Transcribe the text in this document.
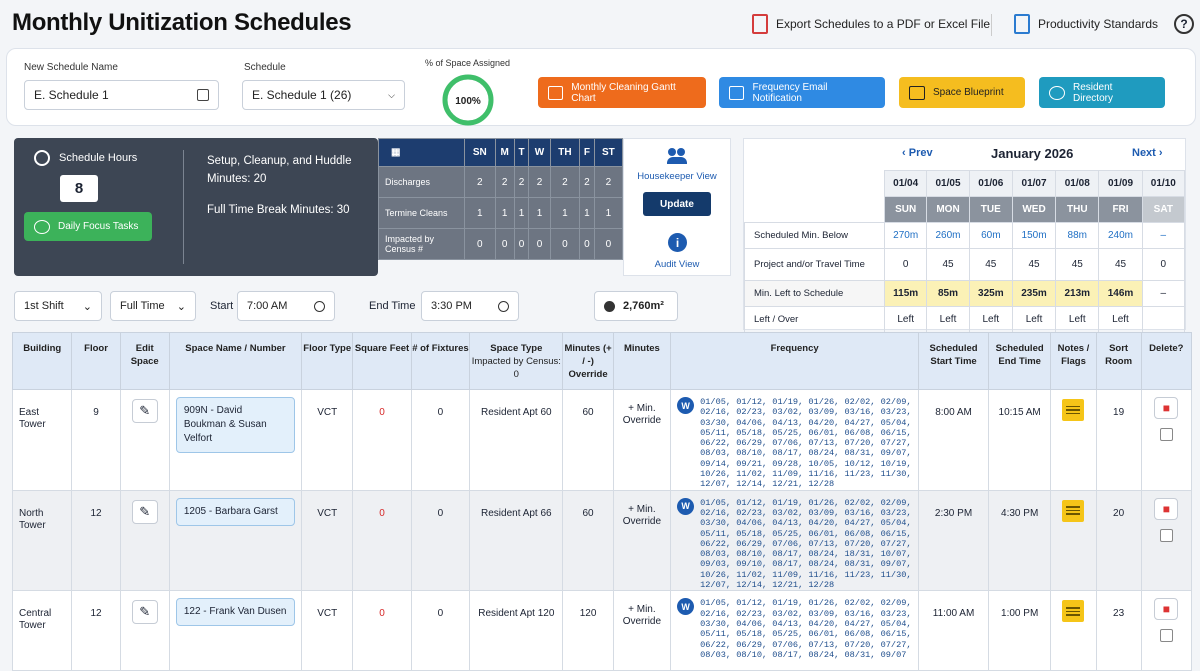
Monthly Unitization Schedules	Export Schedules to a PDF or Excel File	Productivity Standards	?
New Schedule Name
E. Schedule 1
Schedule
E. Schedule 1 (26)	⌵
% of Space Assigned
100%
Monthly Cleaning Gantt Chart
Frequency Email Notification	Space Blueprint	Resident Directory
Schedule Hours
8
Daily Focus Tasks
Setup, Cleanup, and Huddle Minutes: 20
Full Time Break Minutes: 30
▦	SN	M	T	W	TH	F	ST
Discharges	2	2	2	2	2	2	2
Termine Cleans	1	1	1	1	1	1	1
Impacted by Census #	0	0	0	0	0	0	0
Housekeeper View
Update
i
Audit View
‹ Prev	January 2026	Next ›
	01/04	01/05	01/06	01/07	01/08	01/09	01/10
	SUN	MON	TUE	WED	THU	FRI	SAT
Scheduled Min. Below	270m	260m	60m	150m	88m	240m	–
Project and/or Travel Time	0	45	45	45	45	45	0
Min. Left to Schedule	115m	85m	325m	235m	213m	146m	–
Left / Over	Left	Left	Left	Left	Left	Left	
1st Shift ⌄	Full Time ⌄ Start 7:00 AM	End Time 3:30 PM	2,760m²
Building	Floor	Edit Space	Space Name / Number	Floor Type	Square Feet	# of Fixtures	Space Type
Impacted by Census: 0	Minutes (+ / -) Override	Minutes	Frequency	Scheduled Start Time	Scheduled End Time	Notes / Flags	Sort Room	Delete?

East Tower	9	✎	909N - David Boukman & Susan Velfort	VCT	0	0	Resident Apt 60	60	+ Min. Override	W 01/05, 01/12, 01/19, 01/26, 02/02, 02/09, 02/16, 02/23, 03/02, 03/09, 03/16, 03/23, 03/30, 04/06, 04/13, 04/20, 04/27, 05/04, 05/11, 05/18, 05/25, 06/01, 06/08, 06/15, 06/22, 06/29, 07/06, 07/13, 07/20, 07/27, 08/03, 08/10, 08/17, 08/24, 08/31, 09/07, 09/14, 09/21, 09/28, 10/05, 10/12, 10/19, 10/26, 11/02, 11/09, 11/16, 11/23, 11/30, 12/07, 12/14, 12/21, 12/28	8:00 AM	10:15 AM		19	■

North Tower	12	✎	1205 - Barbara Garst	VCT	0	0	Resident Apt 66	60	+ Min. Override	W 01/05, 01/12, 01/19, 01/26, 02/02, 02/09, 02/16, 02/23, 03/02, 03/09, 03/16, 03/23, 03/30, 04/06, 04/13, 04/20, 04/27, 05/04, 05/11, 05/18, 05/25, 06/01, 06/08, 06/15, 06/22, 06/29, 07/06, 07/13, 07/20, 07/27, 08/03, 08/10, 08/17, 08/24, 18/31, 10/07, 09/03, 09/10, 08/17, 08/24, 08/31, 09/07, 10/26, 11/02, 11/09, 11/16, 11/23, 11/30, 12/07, 12/14, 12/21, 12/28	2:30 PM	4:30 PM		20	■

Central Tower	12	✎	122 - Frank Van Dusen	VCT	0	0	Resident Apt 120	120	+ Min. Override	W 01/05, 01/12, 01/19, 01/26, 02/02, 02/09, 02/16, 02/23, 03/02, 03/09, 03/16, 03/23, 03/30, 04/06, 04/13, 04/20, 04/27, 05/04, 05/11, 05/18, 05/25, 06/01, 06/08, 06/15, 06/22, 06/29, 07/06, 07/13, 07/20, 07/27, 08/03, 08/10, 08/17, 08/24, 08/31, 09/07	11:00 AM	1:00 PM		23	■
